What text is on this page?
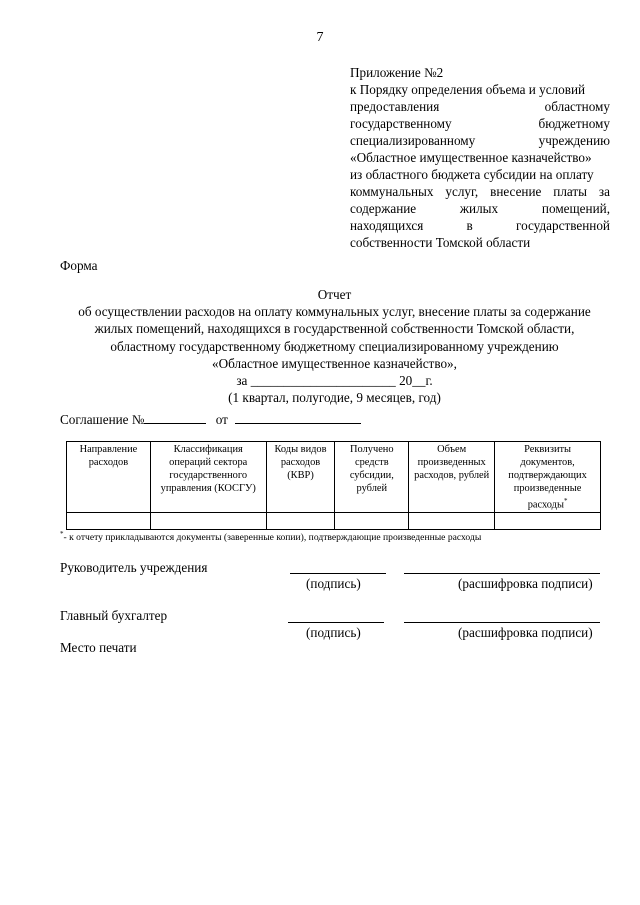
7
Приложение №2
к Порядку определения объема и условий
предоставления областному
государственному бюджетному
специализированному учреждению
«Областное имущественное казначейство»
из областного бюджета субсидии на оплату
коммунальных услуг, внесение платы за
содержание жилых помещений,
находящихся в государственной
собственности Томской области
Форма
Отчет
об осуществлении расходов на оплату коммунальных услуг, внесение платы за содержание
жилых помещений, находящихся в государственной собственности Томской области,
областному государственному бюджетному специализированному учреждению
«Областное имущественное казначейство»,
за ______________________ 20__г.
(1 квартал, полугодие, 9 месяцев, год)
Соглашение №	от
Направление расходов	Классификация операций сектора государственного управления (КОСГУ)	Коды видов расходов (КВР)	Получено средств субсидии, рублей	Объем произведенных расходов, рублей	Реквизиты документов, подтверждающих произведенные расходы*

*- к отчету прикладываются документы (заверенные копии), подтверждающие произведенные расходы
Руководитель учреждения
(подпись)	(расшифровка подписи)
Главный бухгалтер
(подпись)	(расшифровка подписи)
Место печати
